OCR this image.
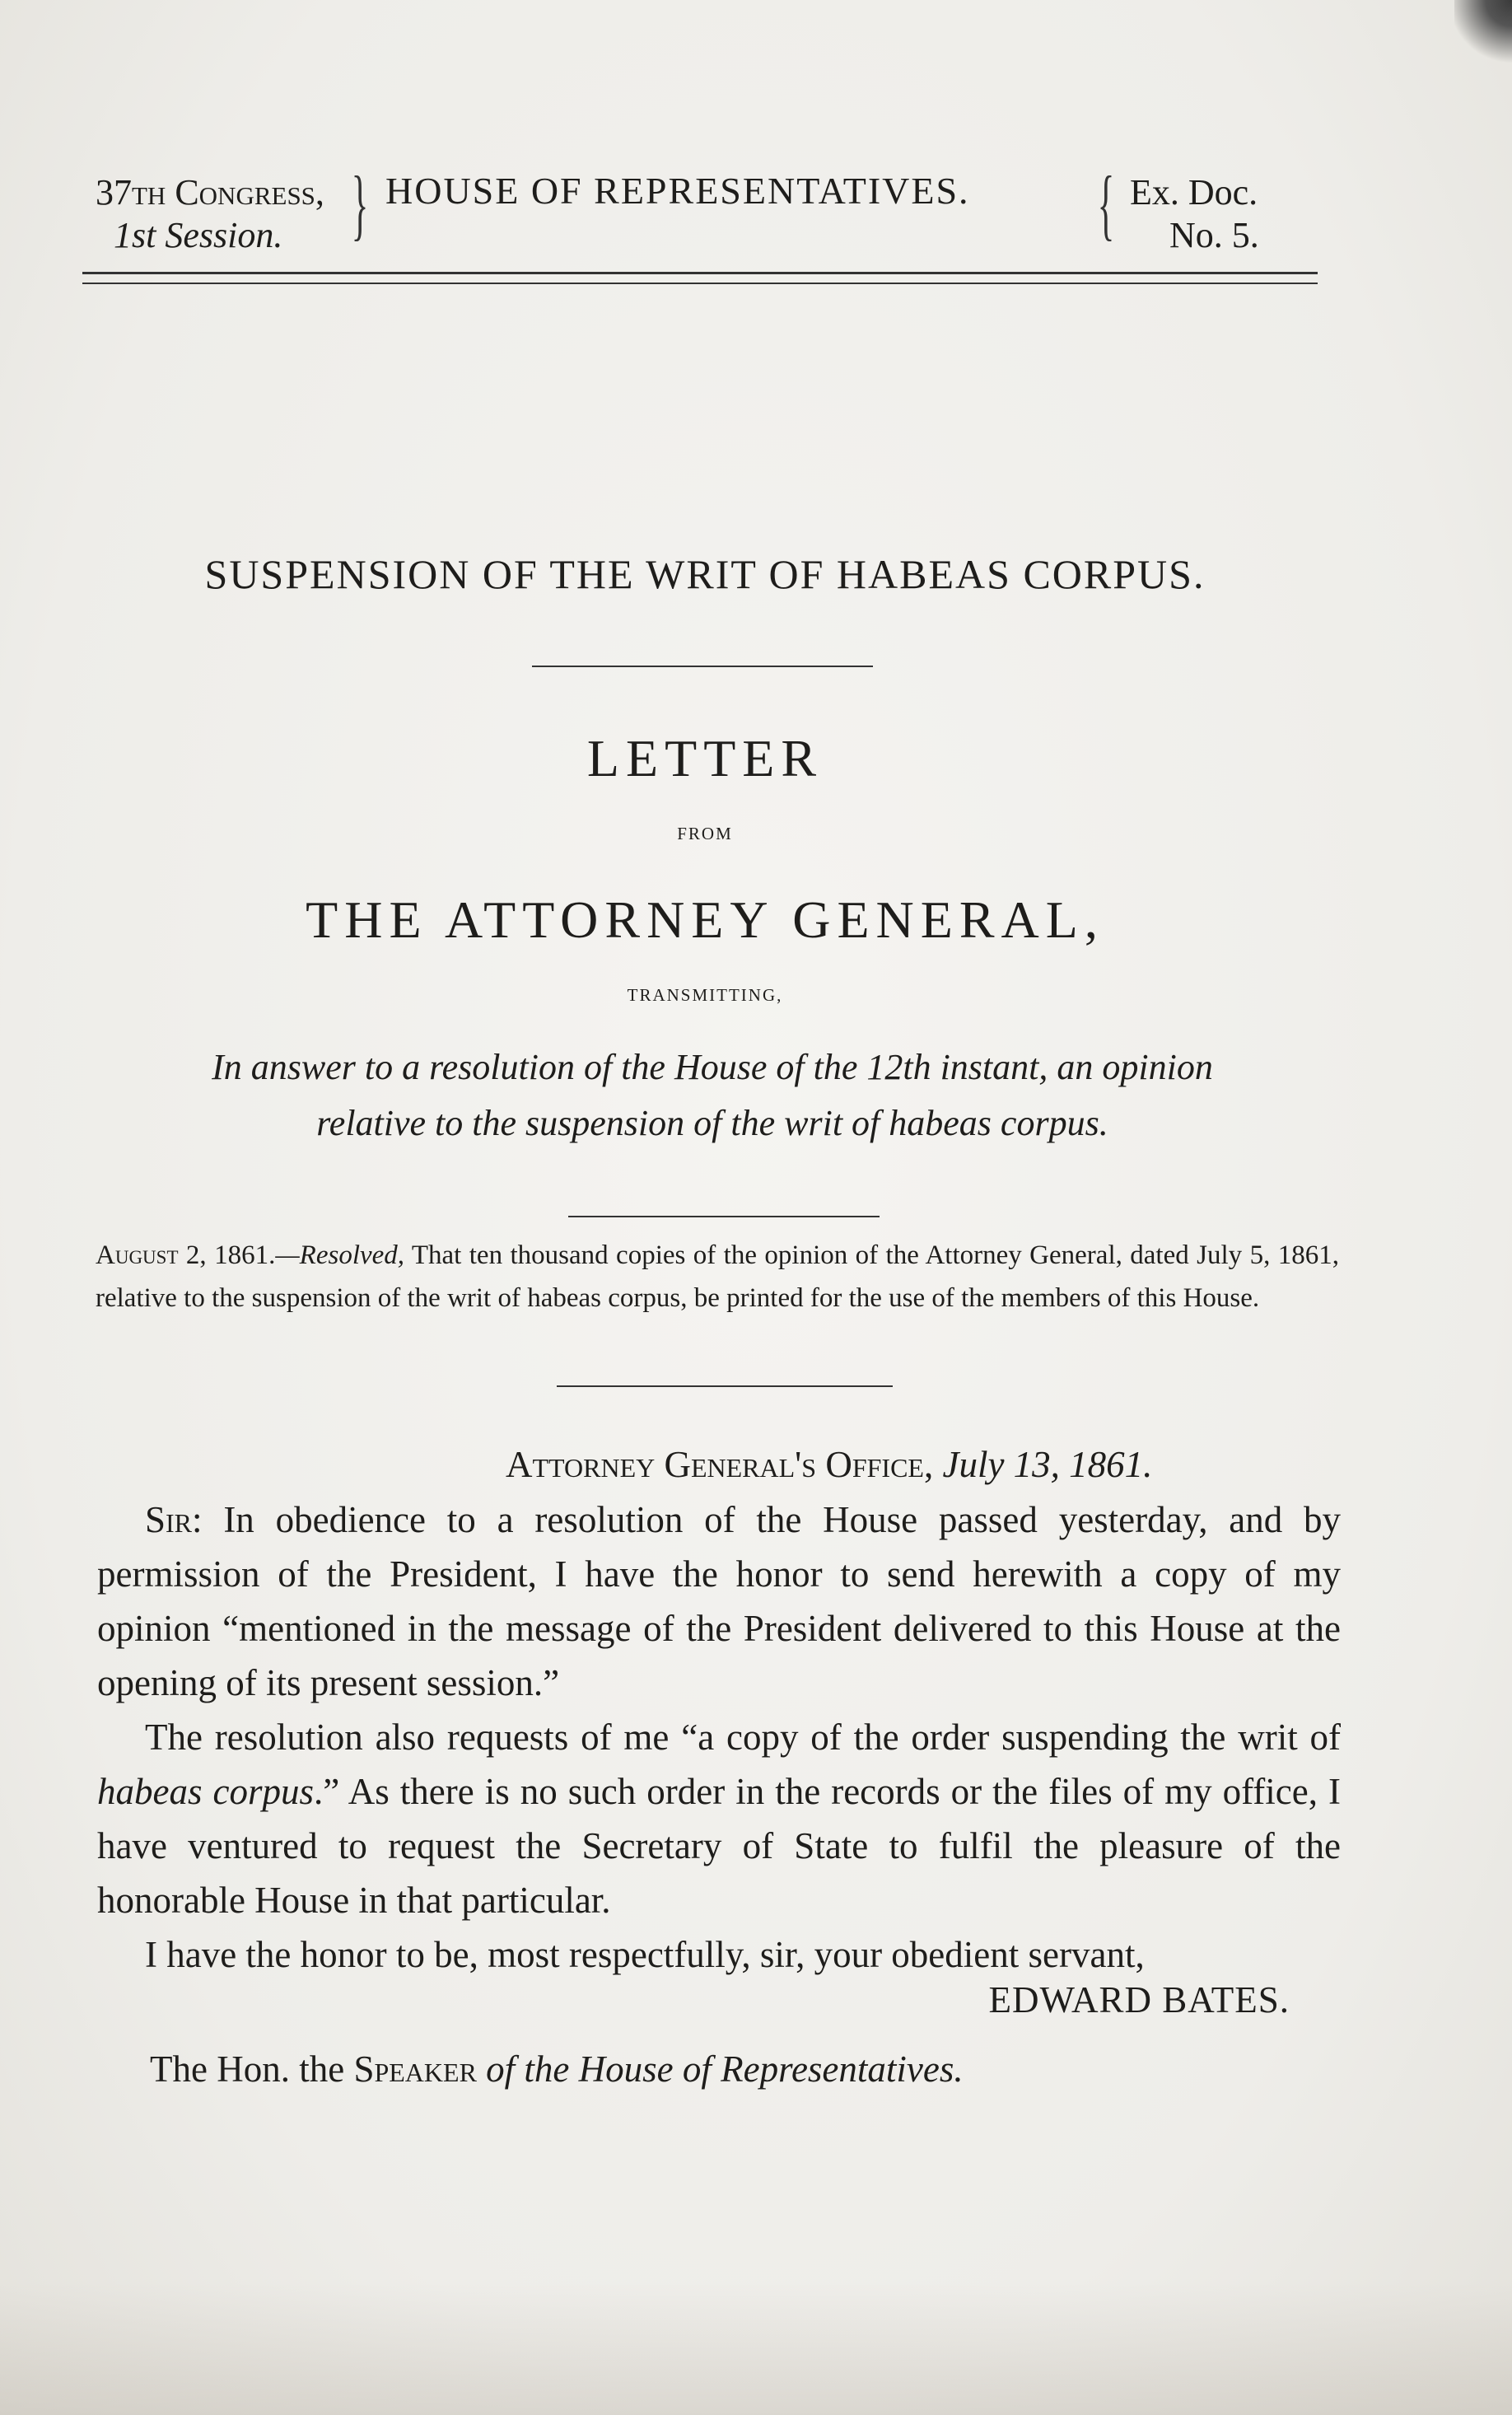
37th Congress,
1st Session. } HOUSE OF REPRESENTATIVES. { Ex. Doc.
No. 5.
SUSPENSION OF THE WRIT OF HABEAS CORPUS.
LETTER
FROM
THE ATTORNEY GENERAL,
TRANSMITTING,
In answer to a resolution of the House of the 12th instant, an opinion
relative to the suspension of the writ of habeas corpus.
August 2, 1861.—Resolved, That ten thousand copies of the opinion of the Attorney General, dated July 5, 1861, relative to the suspension of the writ of habeas corpus, be printed for the use of the members of this House.
Attorney General's Office, July 13, 1861.

Sir: In obedience to a resolution of the House passed yesterday, and by permission of the President, I have the honor to send herewith a copy of my opinion “mentioned in the message of the President delivered to this House at the opening of its present session.”

The resolution also requests of me “a copy of the order suspending the writ of habeas corpus.” As there is no such order in the records or the files of my office, I have ventured to request the Secretary of State to fulfil the pleasure of the honorable House in that particular.

I have the honor to be, most respectfully, sir, your obedient servant,

EDWARD BATES.
The Hon. the Speaker of the House of Representatives.
